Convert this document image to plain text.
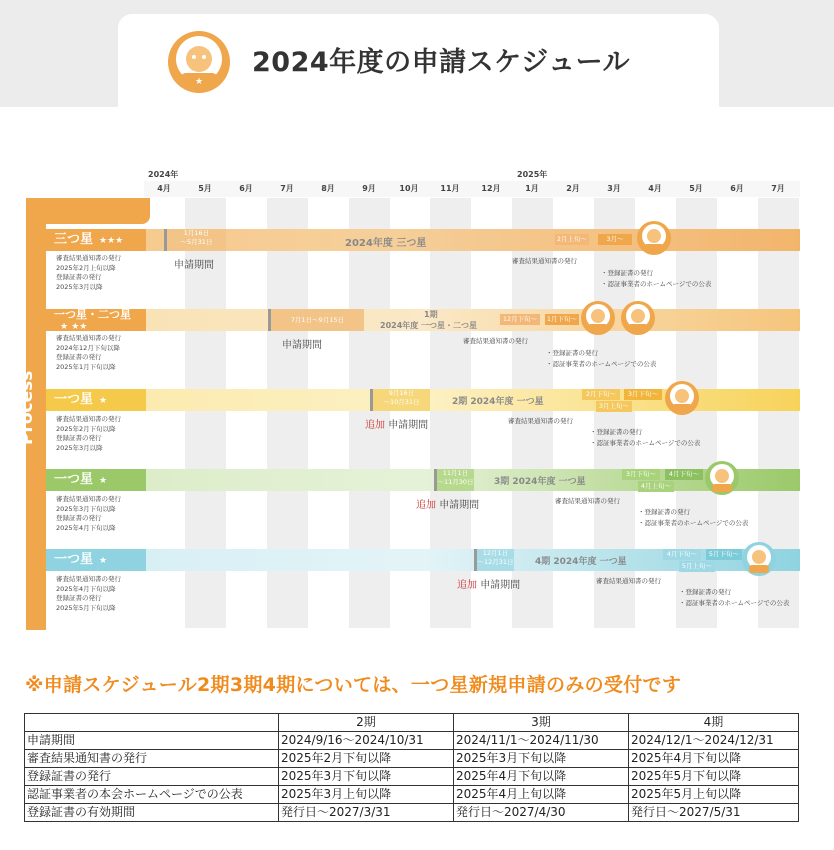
★
2024年度の申請スケジュール
2024年	2025年
4月	5月	6月	7月	8月	9月	10月	11月	12月	1月	2月	3月	4月	5月	6月	7月
Process
三つ星 ★★★
1月16日
〜5月31日	2024年度 三つ星	2月上旬〜	3月〜
申請期間	審査結果通知書の発行
・登録証書の発行
・認証事業者のホームページでの公表
審査結果通知書の発行
2025年2月上旬以降
登録証書の発行
2025年3月以降
一つ星・二つ星
★ ★★
7月1日〜9月15日
1期
2024年度 一つ星・二つ星
12月下旬〜	1月下旬〜
申請期間	審査結果通知書の発行
・登録証書の発行
・認証事業者のホームページでの公表
審査結果通知書の発行
2024年12月下旬以降
登録証書の発行
2025年1月下旬以降
一つ星 ★
9月16日
〜10月31日	2期 2024年度 一つ星
2月下旬〜	3月下旬〜
3月上旬〜
追加 申請期間	審査結果通知書の発行
・登録証書の発行
・認証事業者のホームページでの公表
審査結果通知書の発行
2025年2月下旬以降
登録証書の発行
2025年3月以降
一つ星 ★
11月1日
〜11月30日 3期 2024年度 一つ星
3月下旬〜	4月下旬〜
4月上旬〜
追加 申請期間	審査結果通知書の発行
・登録証書の発行
・認証事業者のホームページでの公表
審査結果通知書の発行
2025年3月下旬以降
登録証書の発行
2025年4月下旬以降
一つ星 ★
12月1日
〜12月31日 4期 2024年度 一つ星
4月下旬〜	5月下旬〜
5月上旬〜
追加 申請期間	審査結果通知書の発行
・登録証書の発行
・認証事業者のホームページでの公表
審査結果通知書の発行
2025年4月下旬以降
登録証書の発行
2025年5月下旬以降
※申請スケジュール2期3期4期については、一つ星新規申請のみの受付です
	2期	3期	4期
申請期間	2024/9/16〜2024/10/31	2024/11/1〜2024/11/30	2024/12/1〜2024/12/31
審査結果通知書の発行	2025年2月下旬以降	2025年3月下旬以降	2025年4月下旬以降
登録証書の発行	2025年3月下旬以降	2025年4月下旬以降	2025年5月下旬以降
認証事業者の本会ホームページでの公表	2025年3月上旬以降	2025年4月上旬以降	2025年5月上旬以降
登録証書の有効期間	発行日〜2027/3/31	発行日〜2027/4/30	発行日〜2027/5/31
